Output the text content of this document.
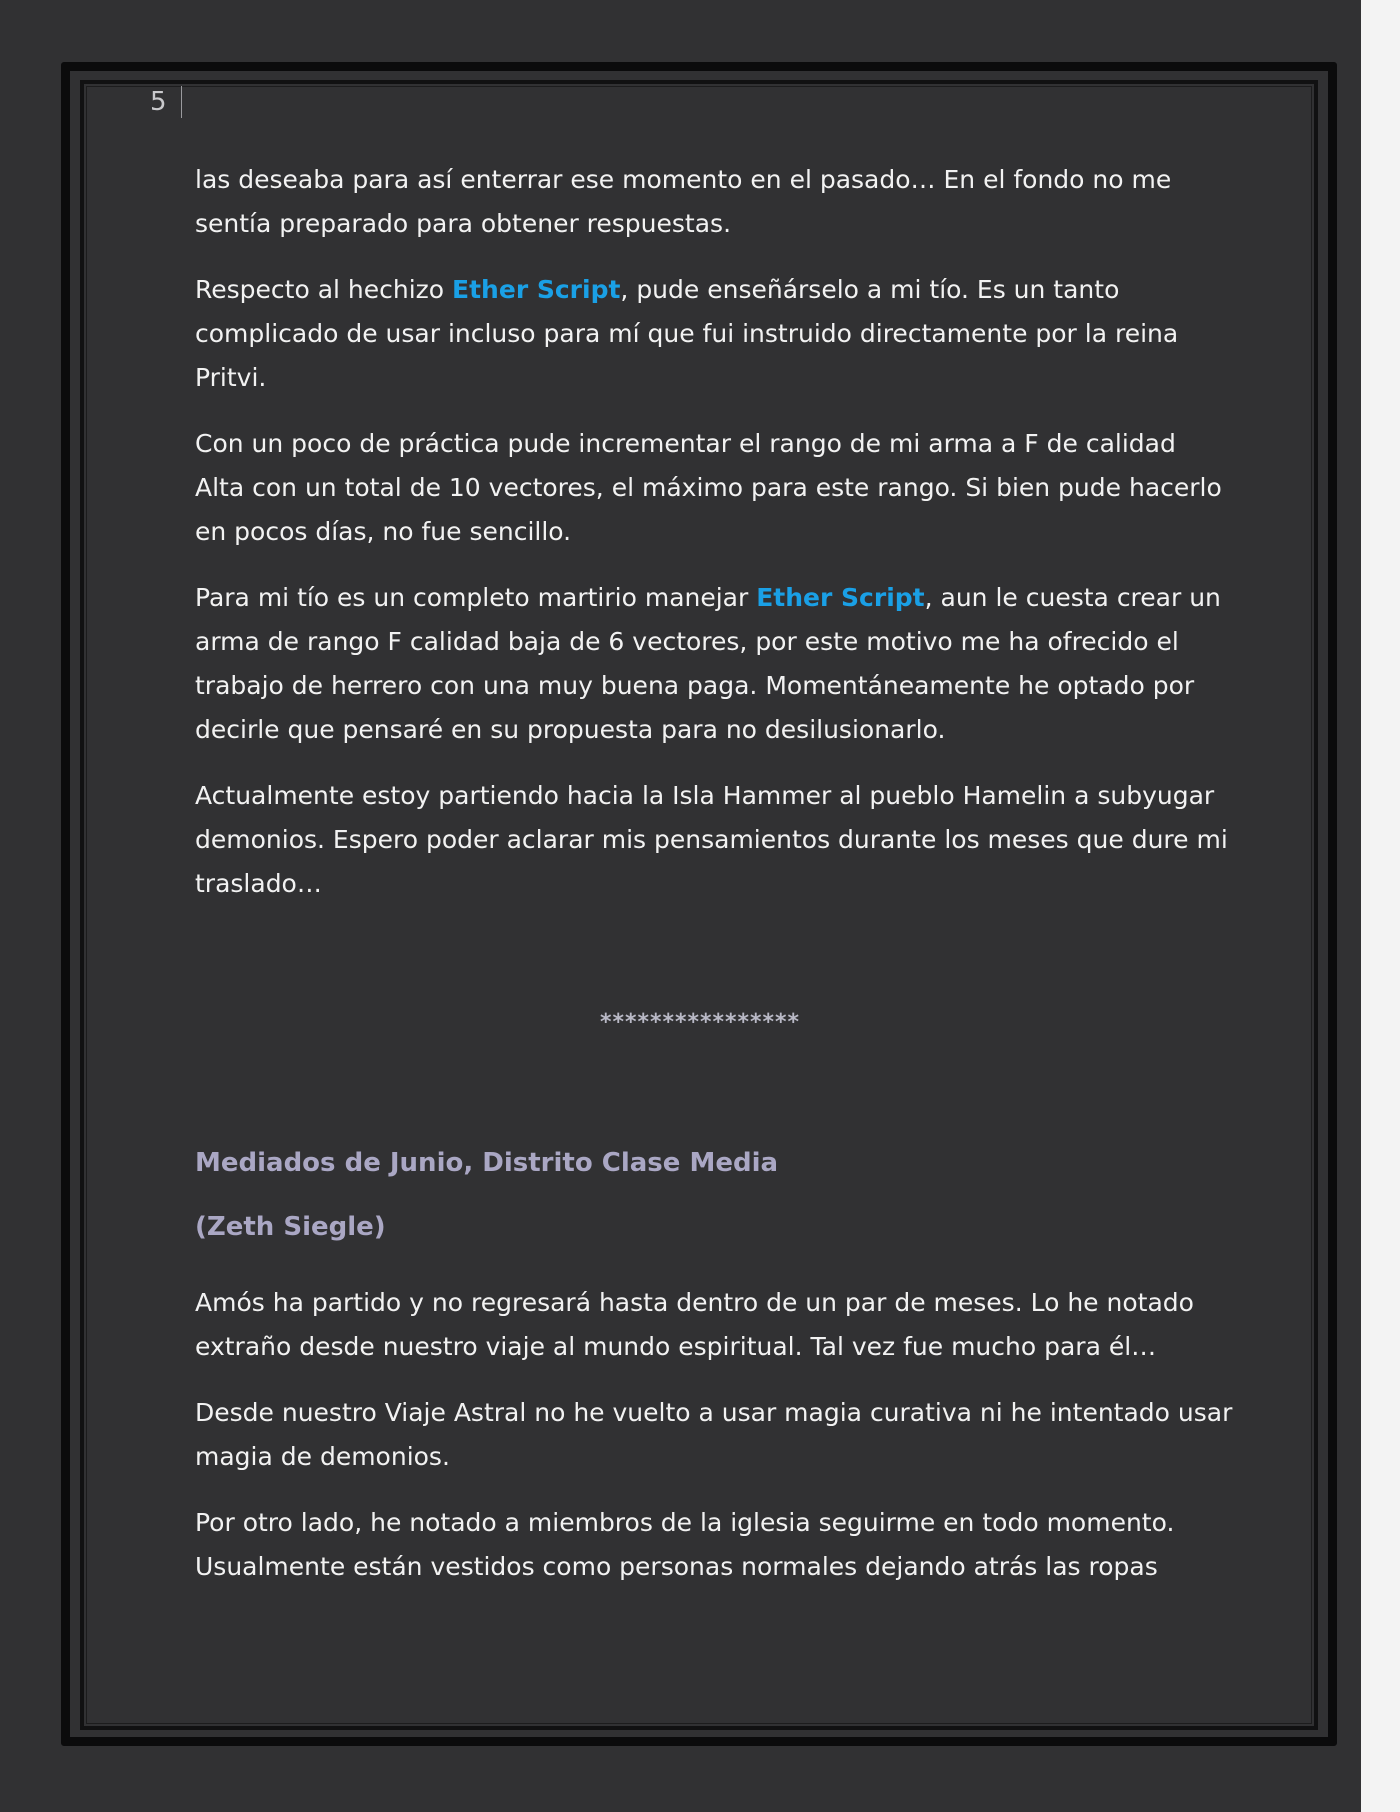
5

las deseaba para así enterrar ese momento en el pasado… En el fondo no me sentía preparado para obtener respuestas.

Respecto al hechizo Ether Script, pude enseñárselo a mi tío. Es un tanto complicado de usar incluso para mí que fui instruido directamente por la reina Pritvi.

Con un poco de práctica pude incrementar el rango de mi arma a F de calidad Alta con un total de 10 vectores, el máximo para este rango. Si bien pude hacerlo en pocos días, no fue sencillo.

Para mi tío es un completo martirio manejar Ether Script, aun le cuesta crear un arma de rango F calidad baja de 6 vectores, por este motivo me ha ofrecido el trabajo de herrero con una muy buena paga. Momentáneamente he optado por decirle que pensaré en su propuesta para no desilusionarlo.

Actualmente estoy partiendo hacia la Isla Hammer al pueblo Hamelin a subyugar demonios. Espero poder aclarar mis pensamientos durante los meses que dure mi traslado…

****************
Mediados de Junio, Distrito Clase Media
(Zeth Siegle)

Amós ha partido y no regresará hasta dentro de un par de meses. Lo he notado extraño desde nuestro viaje al mundo espiritual. Tal vez fue mucho para él…

Desde nuestro Viaje Astral no he vuelto a usar magia curativa ni he intentado usar magia de demonios.

Por otro lado, he notado a miembros de la iglesia seguirme en todo momento. Usualmente están vestidos como personas normales dejando atrás las ropas
